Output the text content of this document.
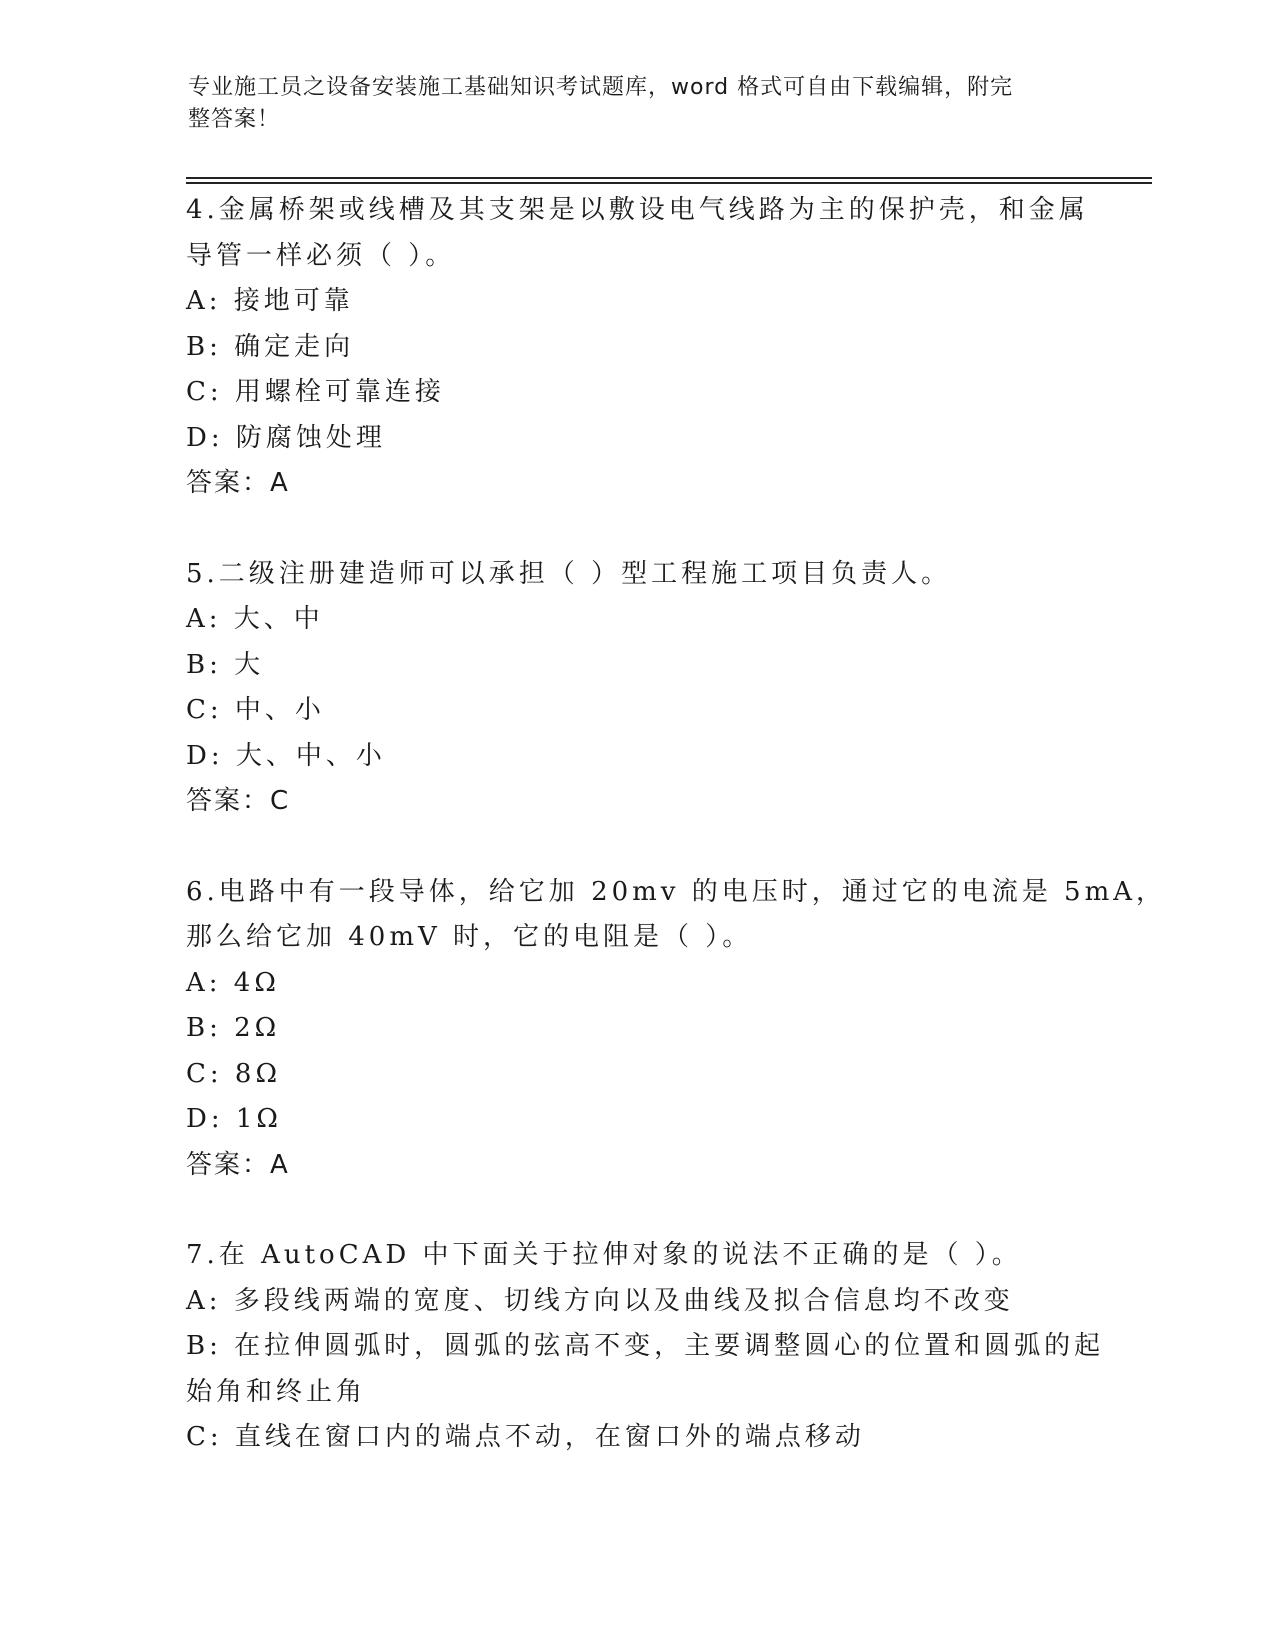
专业施工员之设备安装施工基础知识考试题库，word 格式可自由下载编辑，附完
整答案！
4.金属桥架或线槽及其支架是以敷设电气线路为主的保护壳，和金属
导管一样必须（ ）。
A: 接地可靠
B: 确定走向
C: 用螺栓可靠连接
D: 防腐蚀处理
答案：A
5.二级注册建造师可以承担（ ）型工程施工项目负责人。
A: 大、中
B: 大
C: 中、小
D: 大、中、小
答案：C
6.电路中有一段导体，给它加 20mv 的电压时，通过它的电流是 5mA，
那么给它加 40mV 时，它的电阻是（ ）。
A: 4Ω
B: 2Ω
C: 8Ω
D: 1Ω
答案：A
7.在 AutoCAD 中下面关于拉伸对象的说法不正确的是（ ）。
A: 多段线两端的宽度、切线方向以及曲线及拟合信息均不改变
B: 在拉伸圆弧时，圆弧的弦高不变，主要调整圆心的位置和圆弧的起
始角和终止角
C: 直线在窗口内的端点不动，在窗口外的端点移动
